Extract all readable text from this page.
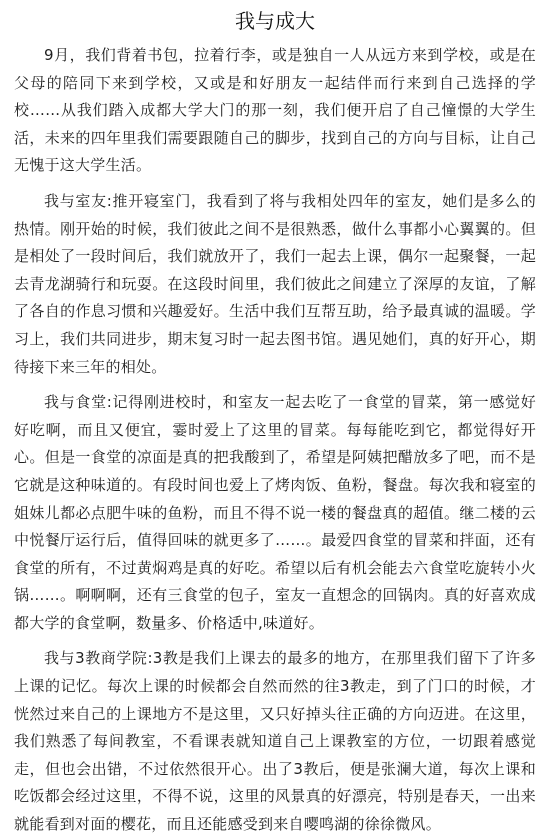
我与成大

9月，我们背着书包，拉着行李，或是独自一人从远方来到学校，或是在父母的陪同下来到学校，又或是和好朋友一起结伴而行来到自己选择的学校……从我们踏入成都大学大门的那一刻，我们便开启了自己憧憬的大学生活，未来的四年里我们需要跟随自己的脚步，找到自己的方向与目标，让自己无愧于这大学生活。

我与室友:推开寝室门，我看到了将与我相处四年的室友，她们是多么的热情。刚开始的时候，我们彼此之间不是很熟悉，做什么事都小心翼翼的。但是相处了一段时间后，我们就放开了，我们一起去上课，偶尔一起聚餐，一起去青龙湖骑行和玩耍。在这段时间里，我们彼此之间建立了深厚的友谊，了解了各自的作息习惯和兴趣爱好。生活中我们互帮互助，给予最真诚的温暖。学习上，我们共同进步，期末复习时一起去图书馆。遇见她们，真的好开心，期待接下来三年的相处。

我与食堂:记得刚进校时，和室友一起去吃了一食堂的冒菜，第一感觉好好吃啊，而且又便宜，霎时爱上了这里的冒菜。每每能吃到它，都觉得好开心。但是一食堂的凉面是真的把我酸到了，希望是阿姨把醋放多了吧，而不是它就是这种味道的。有段时间也爱上了烤肉饭、鱼粉，餐盘。每次我和寝室的姐妹儿都必点肥牛味的鱼粉，而且不得不说一楼的餐盘真的超值。继二楼的云中悦餐厅运行后，值得回味的就更多了……。最爱四食堂的冒菜和拌面，还有食堂的所有，不过黄焖鸡是真的好吃。希望以后有机会能去六食堂吃旋转小火锅……。啊啊啊，还有三食堂的包子，室友一直想念的回锅肉。真的好喜欢成都大学的食堂啊，数量多、价格适中,味道好。

我与3教商学院:3教是我们上课去的最多的地方，在那里我们留下了许多上课的记忆。每次上课的时候都会自然而然的往3教走，到了门口的时候，才恍然过来自己的上课地方不是这里，又只好掉头往正确的方向迈进。在这里，我们熟悉了每间教室，不看课表就知道自己上课教室的方位，一切跟着感觉走，但也会出错，不过依然很开心。出了3教后，便是张澜大道，每次上课和吃饭都会经过这里，不得不说，这里的风景真的好漂亮，特别是春天，一出来就能看到对面的樱花，而且还能感受到来自嘤鸣湖的徐徐微风。
